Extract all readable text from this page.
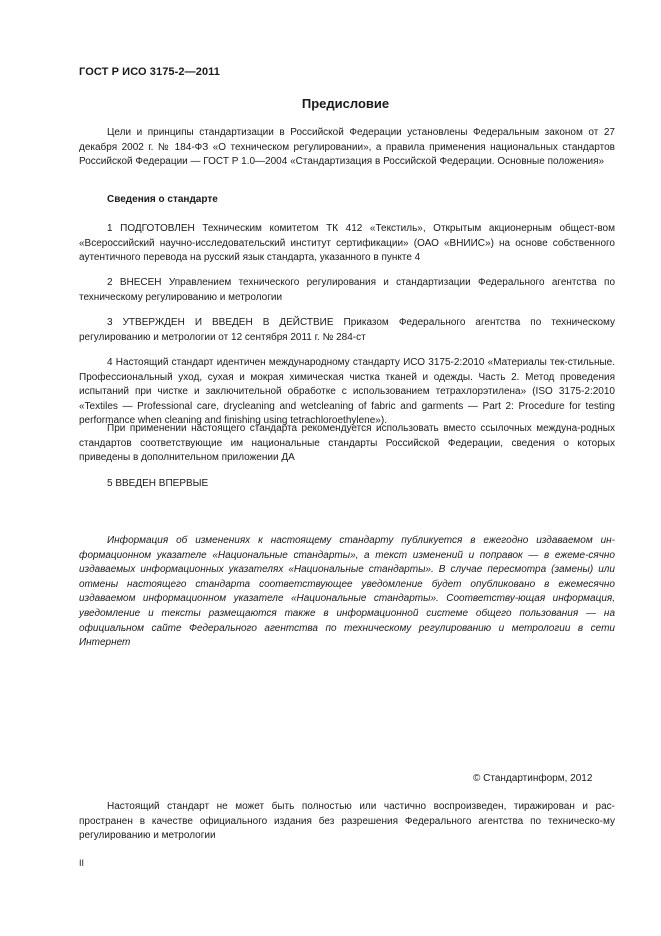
ГОСТ Р ИСО 3175-2—2011
Предисловие
Цели и принципы стандартизации в Российской Федерации установлены Федеральным законом от 27 декабря 2002 г. № 184-ФЗ «О техническом регулировании», а правила применения национальных стандартов Российской Федерации — ГОСТ Р 1.0—2004 «Стандартизация в Российской Федерации. Основные положения»
Сведения о стандарте
1 ПОДГОТОВЛЕН Техническим комитетом ТК 412 «Текстиль», Открытым акционерным общест-вом «Всероссийский научно-исследовательский институт сертификации» (ОАО «ВНИИС») на основе собственного аутентичного перевода на русский язык стандарта, указанного в пункте 4
2 ВНЕСЕН Управлением технического регулирования и стандартизации Федерального агентства по техническому регулированию и метрологии
3 УТВЕРЖДЕН И ВВЕДЕН В ДЕЙСТВИЕ Приказом Федерального агентства по техническому регулированию и метрологии от 12 сентября 2011 г. № 284-ст
4 Настоящий стандарт идентичен международному стандарту ИСО 3175-2:2010 «Материалы тек-стильные. Профессиональный уход, сухая и мокрая химическая чистка тканей и одежды. Часть 2. Метод проведения испытаний при чистке и заключительной обработке с использованием тетрахлорэтилена» (ISO 3175-2:2010 «Textiles — Professional care, drycleaning and wetcleaning of fabric and garments — Part 2: Procedure for testing performance when cleaning and finishing using tetrachloroethylene»).
При применении настоящего стандарта рекомендуется использовать вместо ссылочных междуна-родных стандартов соответствующие им национальные стандарты Российской Федерации, сведения о которых приведены в дополнительном приложении ДА
5 ВВЕДЕН ВПЕРВЫЕ
Информация об изменениях к настоящему стандарту публикуется в ежегодно издаваемом ин-формационном указателе «Национальные стандарты», а текст изменений и поправок — в ежеме-сячно издаваемых информационных указателях «Национальные стандарты». В случае пересмотра (замены) или отмены настоящего стандарта соответствующее уведомление будет опубликовано в ежемесячно издаваемом информационном указателе «Национальные стандарты». Соответству-ющая информация, уведомление и тексты размещаются также в информационной системе общего пользования — на официальном сайте Федерального агентства по техническому регулированию и метрологии в сети Интернет
© Стандартинформ, 2012
Настоящий стандарт не может быть полностью или частично воспроизведен, тиражирован и рас-пространен в качестве официального издания без разрешения Федерального агентства по техническо-му регулированию и метрологии
II
